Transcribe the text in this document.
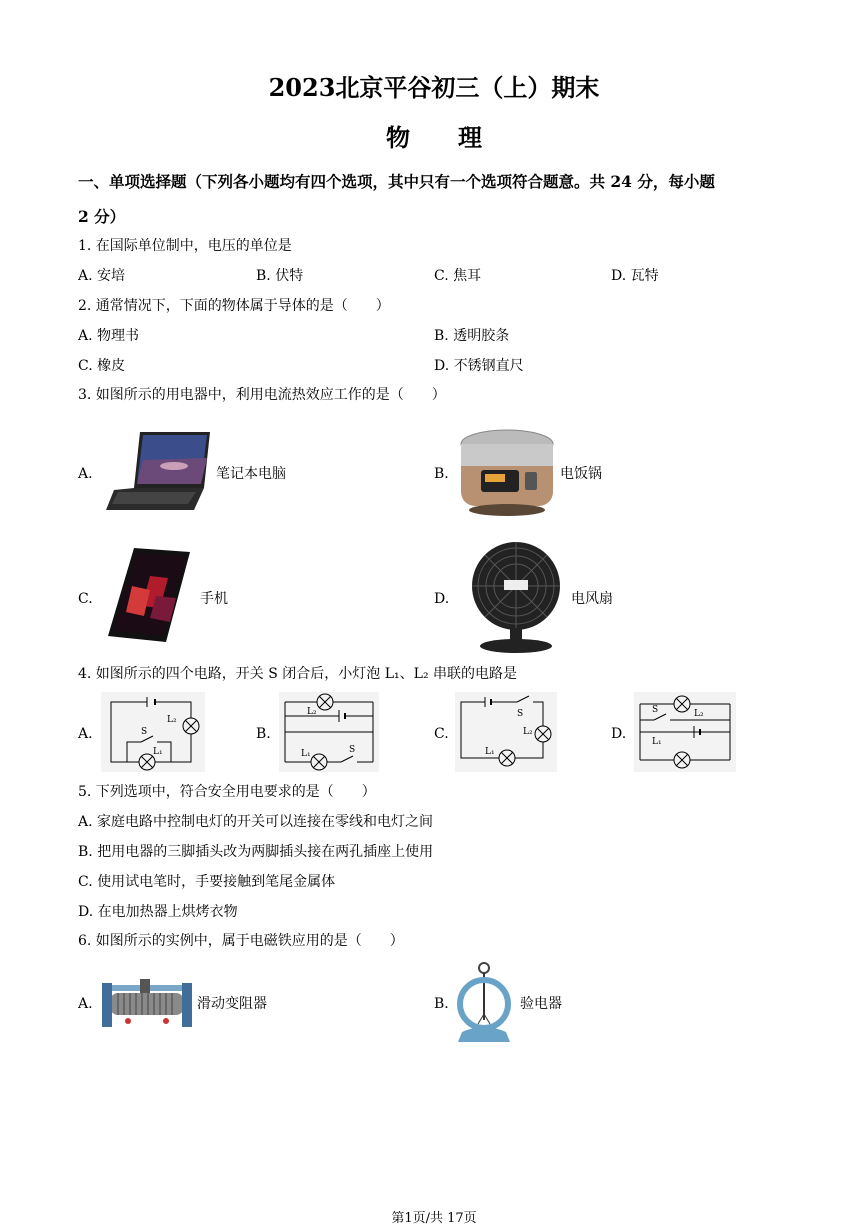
2023北京平谷初三（上）期末
物　　理
一、单项选择题（下列各小题均有四个选项，其中只有一个选项符合题意。共 24 分，每小题
2 分）
1. 在国际单位制中，电压的单位是
A. 安培	B. 伏特	C. 焦耳	D. 瓦特
2. 通常情况下，下面的物体属于导体的是（　　）
A. 物理书	B. 透明胶条
C. 橡皮	D. 不锈钢直尺
3. 如图所示的用电器中，利用电流热效应工作的是（　　）
A.	笔记本电脑	B.	电饭锅
C.	手机	D.	电风扇
4. 如图所示的四个电路，开关 S 闭合后，小灯泡 L₁、L₂ 串联的电路是
A.	S
L₂
L₁
B.
L₂
L₁	S
C.
S
L₂
L₁
D.
S	L₂
L₁
5. 下列选项中，符合安全用电要求的是（　　）
A. 家庭电路中控制电灯的开关可以连接在零线和电灯之间
B. 把用电器的三脚插头改为两脚插头接在两孔插座上使用
C. 使用试电笔时，手要接触到笔尾金属体
D. 在电加热器上烘烤衣物
6. 如图所示的实例中，属于电磁铁应用的是（　　）
A.	滑动变阻器	B.	验电器
第1页/共 17页
